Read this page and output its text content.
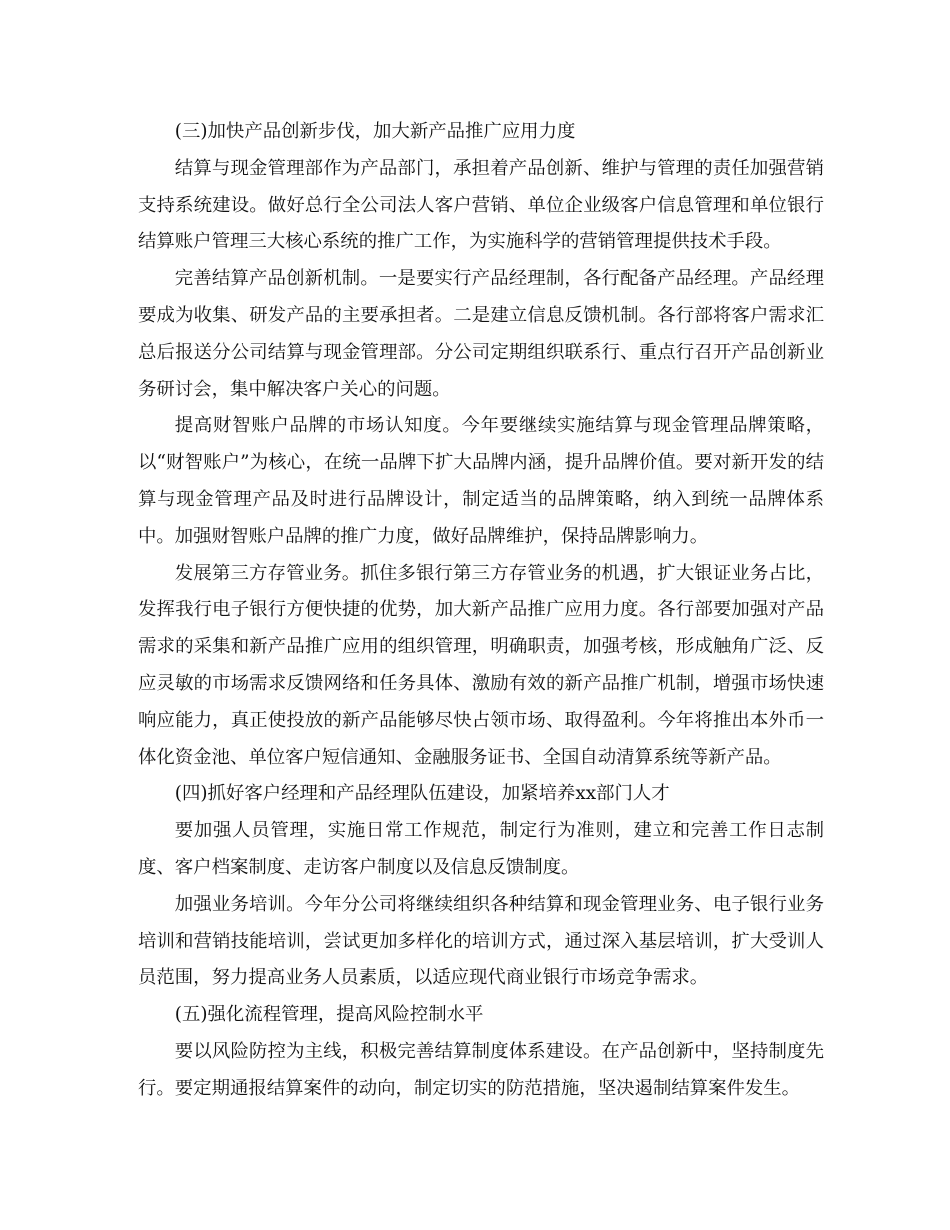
(三)加快产品创新步伐，加大新产品推广应用力度

结算与现金管理部作为产品部门，承担着产品创新、维护与管理的责任加强营销支持系统建设。做好总行全公司法人客户营销、单位企业级客户信息管理和单位银行结算账户管理三大核心系统的推广工作，为实施科学的营销管理提供技术手段。

完善结算产品创新机制。一是要实行产品经理制，各行配备产品经理。产品经理要成为收集、研发产品的主要承担者。二是建立信息反馈机制。各行部将客户需求汇总后报送分公司结算与现金管理部。分公司定期组织联系行、重点行召开产品创新业务研讨会，集中解决客户关心的问题。

提高财智账户品牌的市场认知度。今年要继续实施结算与现金管理品牌策略，以“财智账户”为核心，在统一品牌下扩大品牌内涵，提升品牌价值。要对新开发的结算与现金管理产品及时进行品牌设计，制定适当的品牌策略，纳入到统一品牌体系中。加强财智账户品牌的推广力度，做好品牌维护，保持品牌影响力。

发展第三方存管业务。抓住多银行第三方存管业务的机遇，扩大银证业务占比，发挥我行电子银行方便快捷的优势，加大新产品推广应用力度。各行部要加强对产品需求的采集和新产品推广应用的组织管理，明确职责，加强考核，形成触角广泛、反应灵敏的市场需求反馈网络和任务具体、激励有效的新产品推广机制，增强市场快速响应能力，真正使投放的新产品能够尽快占领市场、取得盈利。今年将推出本外币一体化资金池、单位客户短信通知、金融服务证书、全国自动清算系统等新产品。

(四)抓好客户经理和产品经理队伍建设，加紧培养xx部门人才

要加强人员管理，实施日常工作规范，制定行为准则，建立和完善工作日志制度、客户档案制度、走访客户制度以及信息反馈制度。

加强业务培训。今年分公司将继续组织各种结算和现金管理业务、电子银行业务培训和营销技能培训，尝试更加多样化的培训方式，通过深入基层培训，扩大受训人员范围，努力提高业务人员素质，以适应现代商业银行市场竞争需求。

(五)强化流程管理，提高风险控制水平

要以风险防控为主线，积极完善结算制度体系建设。在产品创新中，坚持制度先行。要定期通报结算案件的动向，制定切实的防范措施，坚决遏制结算案件发生。
